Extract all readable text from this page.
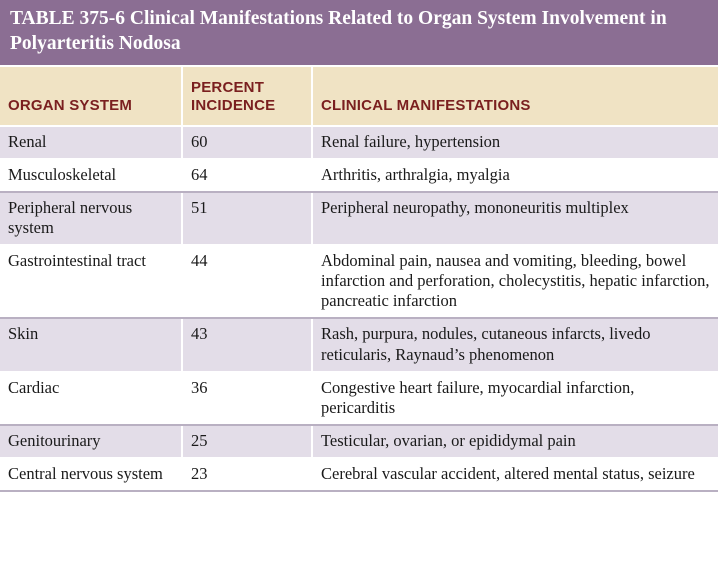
TABLE 375-6 Clinical Manifestations Related to Organ System Involvement in Polyarteritis Nodosa
ORGAN SYSTEM	PERCENT INCIDENCE	CLINICAL MANIFESTATIONS
Renal	60	Renal failure, hypertension
Musculoskeletal	64	Arthritis, arthralgia, myalgia
Peripheral nervous system	51	Peripheral neuropathy, mononeuritis multiplex
Gastrointestinal tract	44	Abdominal pain, nausea and vomiting, bleeding, bowel infarction and perforation, cholecystitis, hepatic infarction, pancreatic infarction
Skin	43	Rash, purpura, nodules, cutaneous infarcts, livedo reticularis, Raynaud’s phenomenon
Cardiac	36	Congestive heart failure, myocardial infarction, pericarditis
Genitourinary	25	Testicular, ovarian, or epididymal pain
Central nervous system	23	Cerebral vascular accident, altered mental status, seizure
